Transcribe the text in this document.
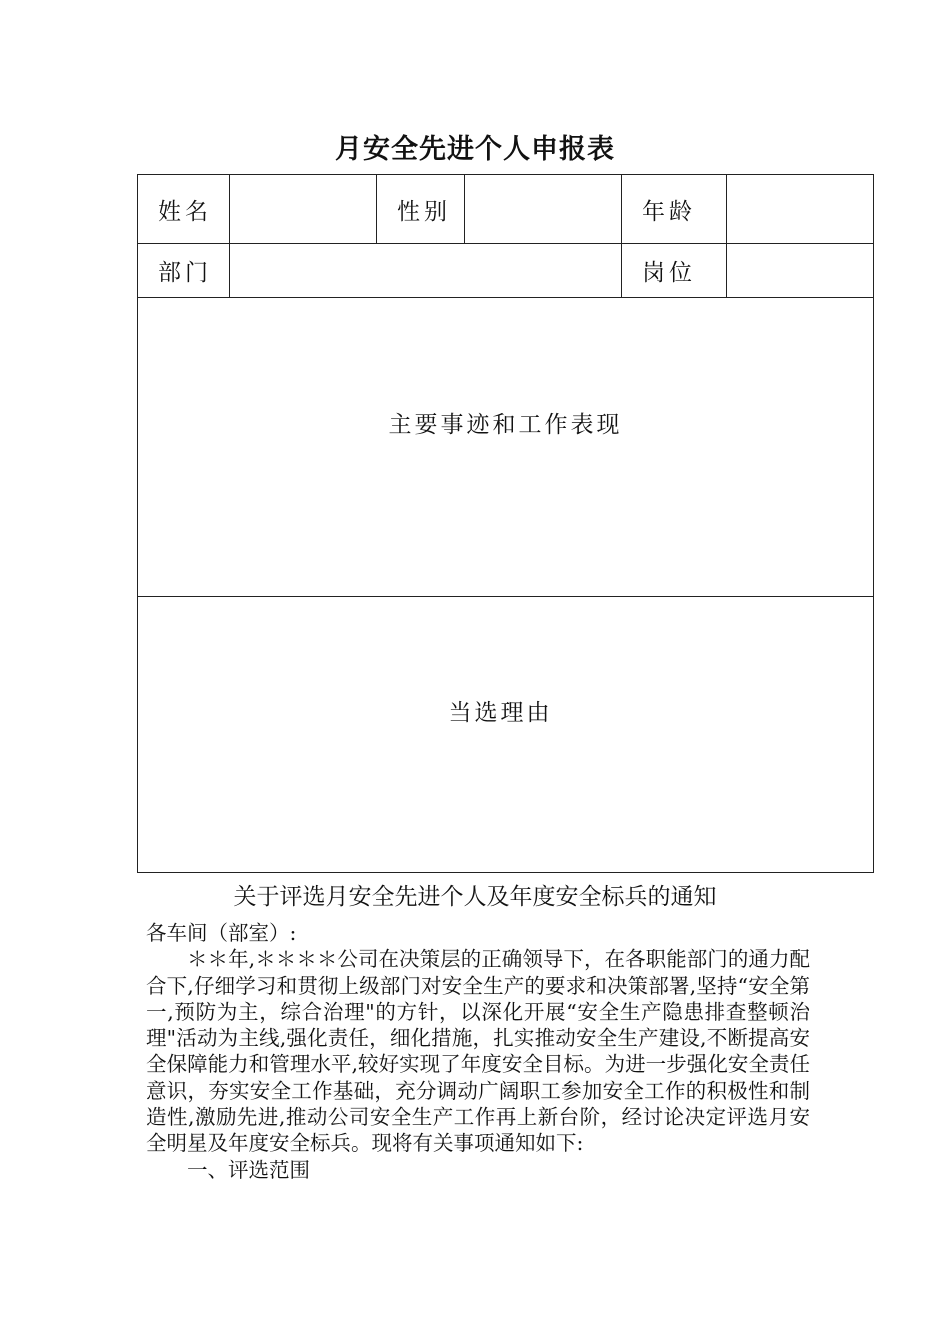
月安全先进个人申报表
姓名		性别		年龄	
部门				岗位	

主要事迹和工作表现					

当选理由					
关于评选月安全先进个人及年度安全标兵的通知

各车间（部室）:

＊＊年,＊＊＊＊公司在决策层的正确领导下，在各职能部门的通力配合下,仔细学习和贯彻上级部门对安全生产的要求和决策部署,坚持“安全第一,预防为主，综合治理"的方针，以深化开展“安全生产隐患排查整顿治理"活动为主线,强化责任，细化措施，扎实推动安全生产建设,不断提高安全保障能力和管理水平,较好实现了年度安全目标。为进一步强化安全责任意识，夯实安全工作基础，充分调动广阔职工参加安全工作的积极性和制造性,激励先进,推动公司安全生产工作再上新台阶，经讨论决定评选月安全明星及年度安全标兵。现将有关事项通知如下:

一、评选范围
